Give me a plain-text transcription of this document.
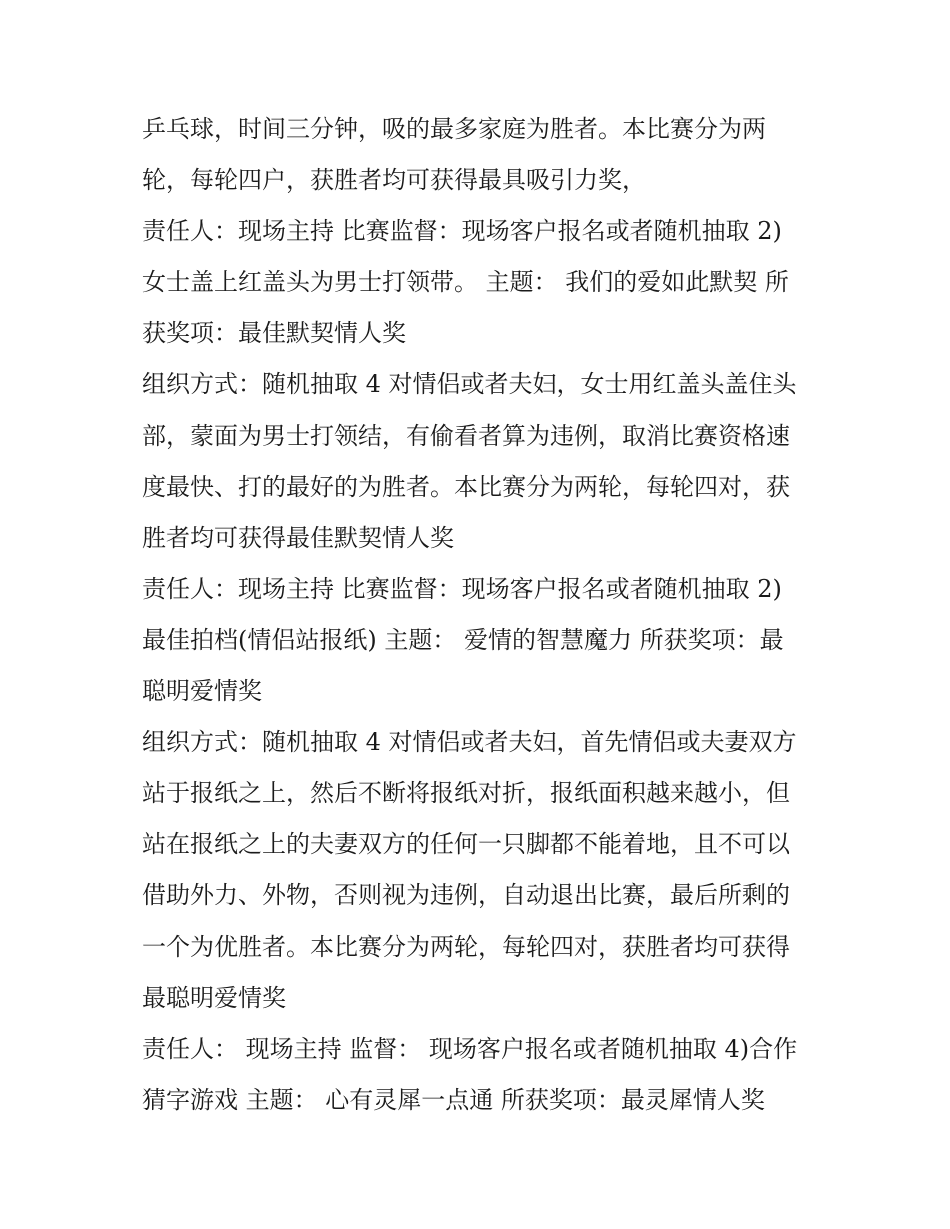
乒乓球，时间三分钟，吸的最多家庭为胜者。本比赛分为两
轮，每轮四户，获胜者均可获得最具吸引力奖，
责任人：现场主持 比赛监督：现场客户报名或者随机抽取 2)
女士盖上红盖头为男士打领带。 主题： 我们的爱如此默契 所
获奖项：最佳默契情人奖
组织方式：随机抽取 4 对情侣或者夫妇，女士用红盖头盖住头
部，蒙面为男士打领结，有偷看者算为违例，取消比赛资格速
度最快、打的最好的为胜者。本比赛分为两轮，每轮四对，获
胜者均可获得最佳默契情人奖
责任人：现场主持 比赛监督：现场客户报名或者随机抽取 2)
最佳拍档(情侣站报纸) 主题： 爱情的智慧魔力 所获奖项：最
聪明爱情奖
组织方式：随机抽取 4 对情侣或者夫妇，首先情侣或夫妻双方
站于报纸之上，然后不断将报纸对折，报纸面积越来越小，但
站在报纸之上的夫妻双方的任何一只脚都不能着地，且不可以
借助外力、外物，否则视为违例，自动退出比赛，最后所剩的
一个为优胜者。本比赛分为两轮，每轮四对，获胜者均可获得
最聪明爱情奖
责任人： 现场主持 监督： 现场客户报名或者随机抽取 4)合作
猜字游戏 主题： 心有灵犀一点通 所获奖项：最灵犀情人奖
